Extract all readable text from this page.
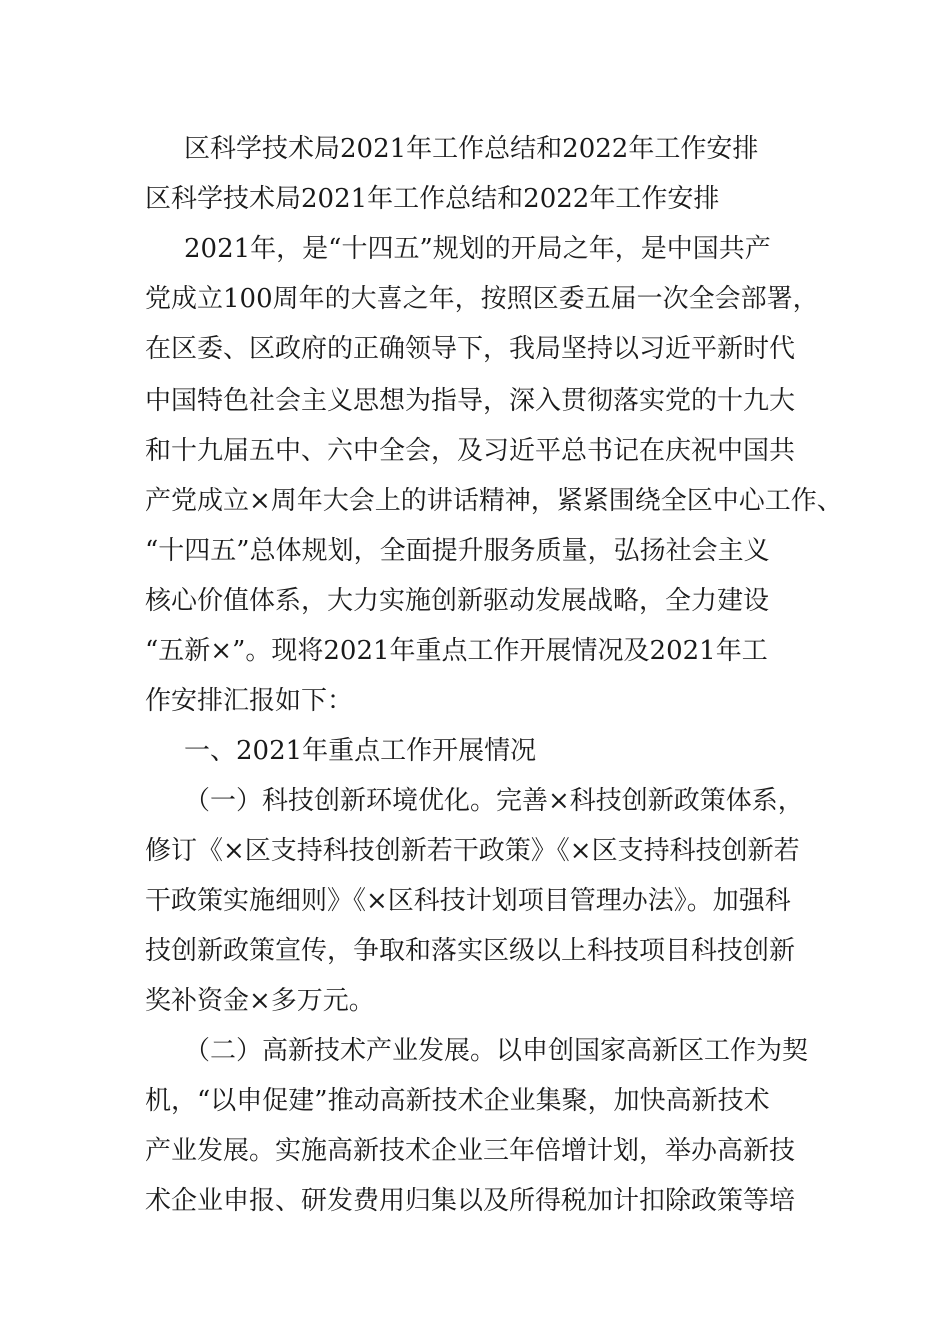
区科学技术局2021年工作总结和2022年工作安排
区科学技术局2021年工作总结和2022年工作安排
2021年，是“十四五”规划的开局之年，是中国共产
党成立100周年的大喜之年，按照区委五届一次全会部署，
在区委、区政府的正确领导下，我局坚持以习近平新时代
中国特色社会主义思想为指导，深入贯彻落实党的十九大
和十九届五中、六中全会，及习近平总书记在庆祝中国共
产党成立×周年大会上的讲话精神，紧紧围绕全区中心工作、
“十四五”总体规划，全面提升服务质量，弘扬社会主义
核心价值体系，大力实施创新驱动发展战略，全力建设
“五新×”。现将2021年重点工作开展情况及2021年工
作安排汇报如下：
一、2021年重点工作开展情况
（一）科技创新环境优化。完善×科技创新政策体系，
修订《×区支持科技创新若干政策》《×区支持科技创新若
干政策实施细则》《×区科技计划项目管理办法》。加强科
技创新政策宣传，争取和落实区级以上科技项目科技创新
奖补资金×多万元。
（二）高新技术产业发展。以申创国家高新区工作为契
机，“以申促建”推动高新技术企业集聚，加快高新技术
产业发展。实施高新技术企业三年倍增计划，举办高新技
术企业申报、研发费用归集以及所得税加计扣除政策等培
